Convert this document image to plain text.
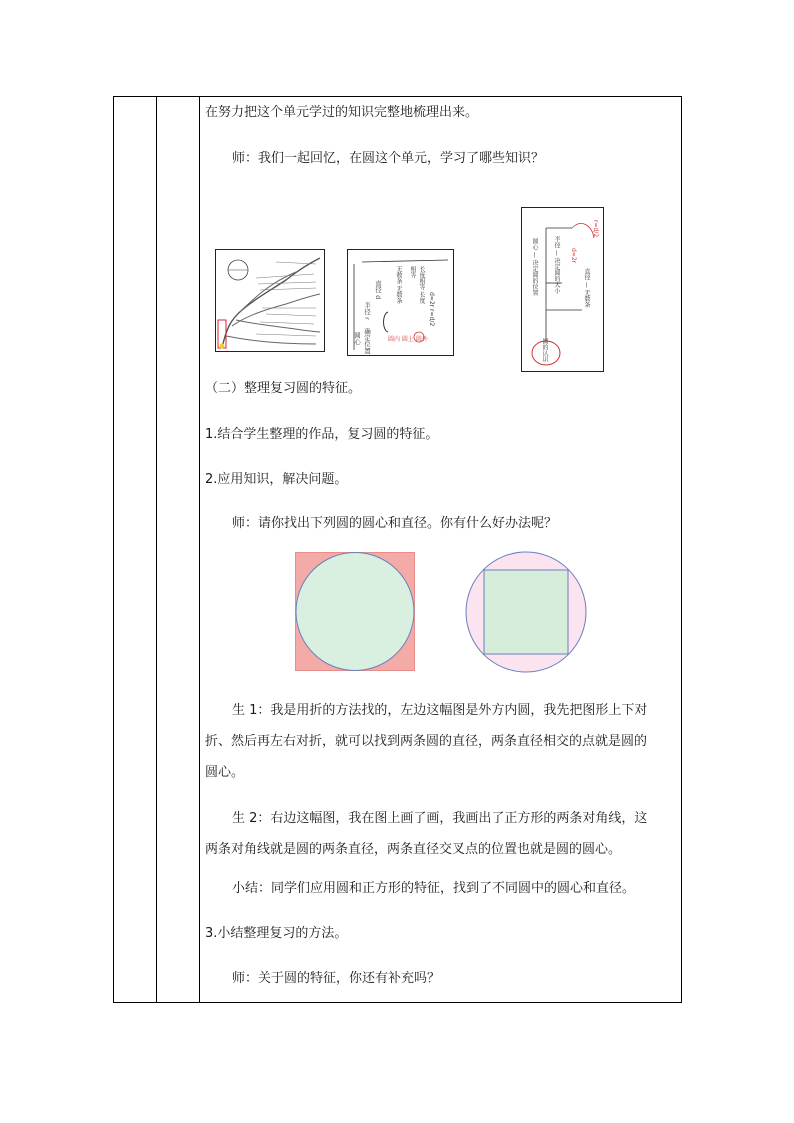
在努力把这个单元学过的知识完整地梳理出来。
师：我们一起回忆，在圆这个单元，学习了哪些知识？
圆心
半径 r
直径 d
确定位置
无数条 无数条	长度相等 长度相等
d=2r r=d/2
圆内 圆上 圆外	圆的认识
圆心 — 决定圆的位置	半径 — 决定圆的大小	直径 — 无数条
d=2r
r=d/2
（二）整理复习圆的特征。
1.结合学生整理的作品，复习圆的特征。
2.应用知识，解决问题。
师：请你找出下列圆的圆心和直径。你有什么好办法呢？
生 1：我是用折的方法找的，左边这幅图是外方内圆，我先把图形上下对
折、然后再左右对折，就可以找到两条圆的直径，两条直径相交的点就是圆的
圆心。
生 2：右边这幅图，我在图上画了画，我画出了正方形的两条对角线，这
两条对角线就是圆的两条直径，两条直径交叉点的位置也就是圆的圆心。
小结：同学们应用圆和正方形的特征，找到了不同圆中的圆心和直径。
3.小结整理复习的方法。
师：关于圆的特征，你还有补充吗？
